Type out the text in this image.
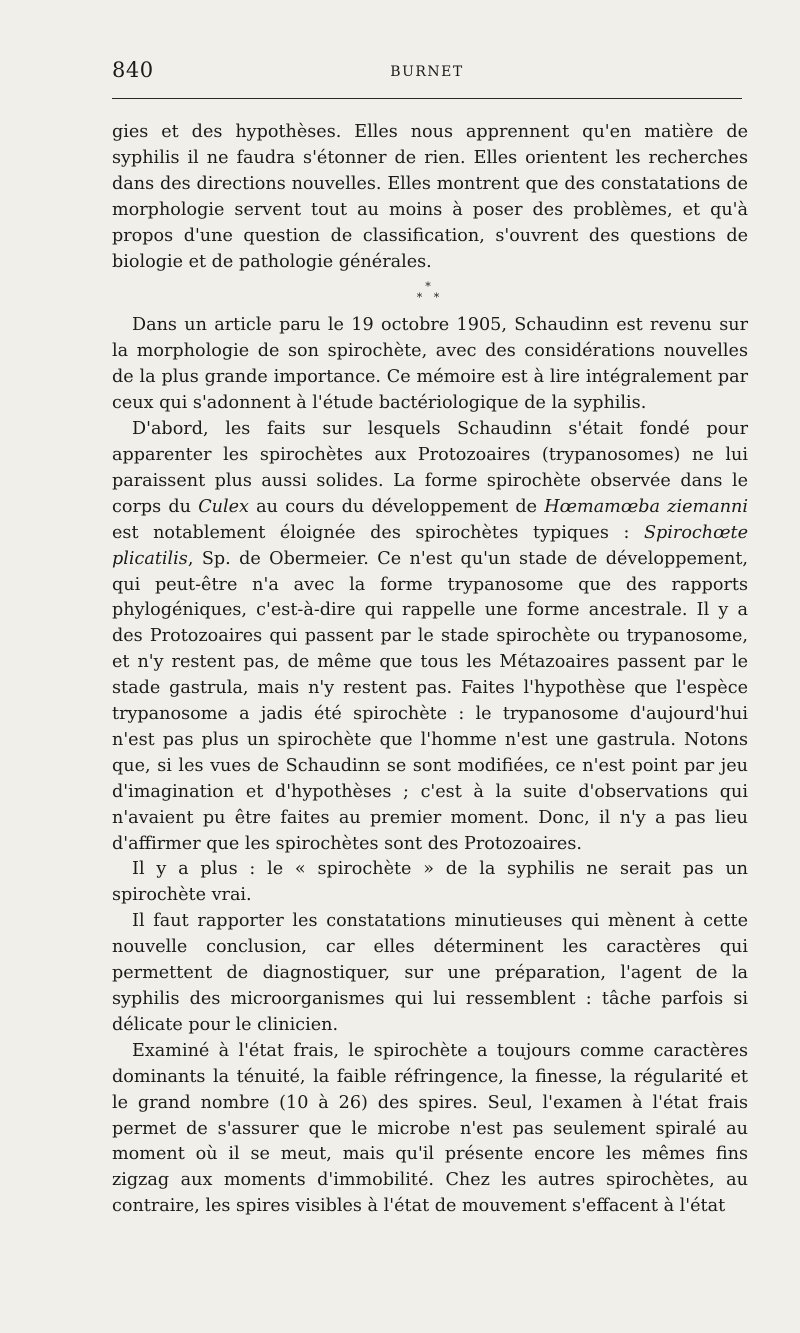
840	BURNET

gies et des hypothèses. Elles nous apprennent qu'en matière de syphilis il ne faudra s'étonner de rien. Elles orientent les recherches dans des directions nouvelles. Elles montrent que des constatations de morphologie servent tout au moins à poser des problèmes, et qu'à propos d'une question de classification, s'ouvrent des questions de biologie et de pathologie générales.

*
* *

Dans un article paru le 19 octobre 1905, Schaudinn est revenu sur la morphologie de son spirochète, avec des considérations nouvelles de la plus grande importance. Ce mémoire est à lire intégralement par ceux qui s'adonnent à l'étude bactériologique de la syphilis.

D'abord, les faits sur lesquels Schaudinn s'était fondé pour apparenter les spirochètes aux Protozoaires (trypanosomes) ne lui paraissent plus aussi solides. La forme spirochète observée dans le corps du Culex au cours du développement de Hœmamœba ziemanni est notablement éloignée des spirochètes typiques : Spirochœte plicatilis, Sp. de Obermeier. Ce n'est qu'un stade de développement, qui peut-être n'a avec la forme trypanosome que des rapports phylogéniques, c'est-à-dire qui rappelle une forme ancestrale. Il y a des Protozoaires qui passent par le stade spirochète ou trypanosome, et n'y restent pas, de même que tous les Métazoaires passent par le stade gastrula, mais n'y restent pas. Faites l'hypothèse que l'espèce trypanosome a jadis été spirochète : le trypanosome d'aujourd'hui n'est pas plus un spirochète que l'homme n'est une gastrula. Notons que, si les vues de Schaudinn se sont modifiées, ce n'est point par jeu d'imagination et d'hypothèses ; c'est à la suite d'observations qui n'avaient pu être faites au premier moment. Donc, il n'y a pas lieu d'affirmer que les spirochètes sont des Protozoaires.

Il y a plus : le « spirochète » de la syphilis ne serait pas un spirochète vrai.

Il faut rapporter les constatations minutieuses qui mènent à cette nouvelle conclusion, car elles déterminent les caractères qui permettent de diagnostiquer, sur une préparation, l'agent de la syphilis des microorganismes qui lui ressemblent : tâche parfois si délicate pour le clinicien.

Examiné à l'état frais, le spirochète a toujours comme caractères dominants la ténuité, la faible réfringence, la finesse, la régularité et le grand nombre (10 à 26) des spires. Seul, l'examen à l'état frais permet de s'assurer que le microbe n'est pas seulement spiralé au moment où il se meut, mais qu'il présente encore les mêmes fins zigzag aux moments d'immobilité. Chez les autres spirochètes, au contraire, les spires visibles à l'état de mouvement s'effacent à l'état
